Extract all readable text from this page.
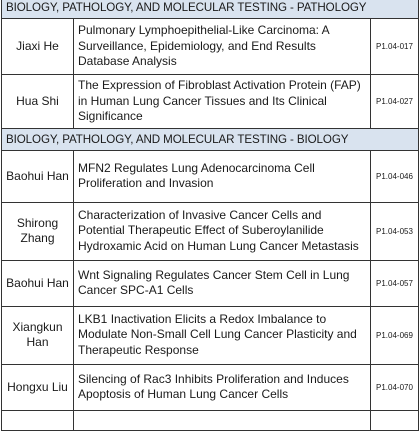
BIOLOGY, PATHOLOGY, AND MOLECULAR TESTING - PATHOLOGY		
Jiaxi He	Pulmonary Lymphoepithelial-Like Carcinoma: A Surveillance, Epidemiology, and End Results Database Analysis	P1.04-017
Hua Shi	The Expression of Fibroblast Activation Protein (FAP) in Human Lung Cancer Tissues and Its Clinical Significance	P1.04-027
BIOLOGY, PATHOLOGY, AND MOLECULAR TESTING - BIOLOGY		
Baohui Han	MFN2 Regulates Lung Adenocarcinoma Cell Proliferation and Invasion	P1.04-046
Shirong Zhang	Characterization of Invasive Cancer Cells and Potential Therapeutic Effect of Suberoylanilide Hydroxamic Acid on Human Lung Cancer Metastasis	P1.04-053
Baohui Han	Wnt Signaling Regulates Cancer Stem Cell in Lung Cancer SPC-A1 Cells	P1.04-057
Xiangkun Han	LKB1 Inactivation Elicits a Redox Imbalance to Modulate Non-Small Cell Lung Cancer Plasticity and Therapeutic Response	P1.04-069
Hongxu Liu	Silencing of Rac3 Inhibits Proliferation and Induces Apoptosis of Human Lung Cancer Cells	P1.04-070
